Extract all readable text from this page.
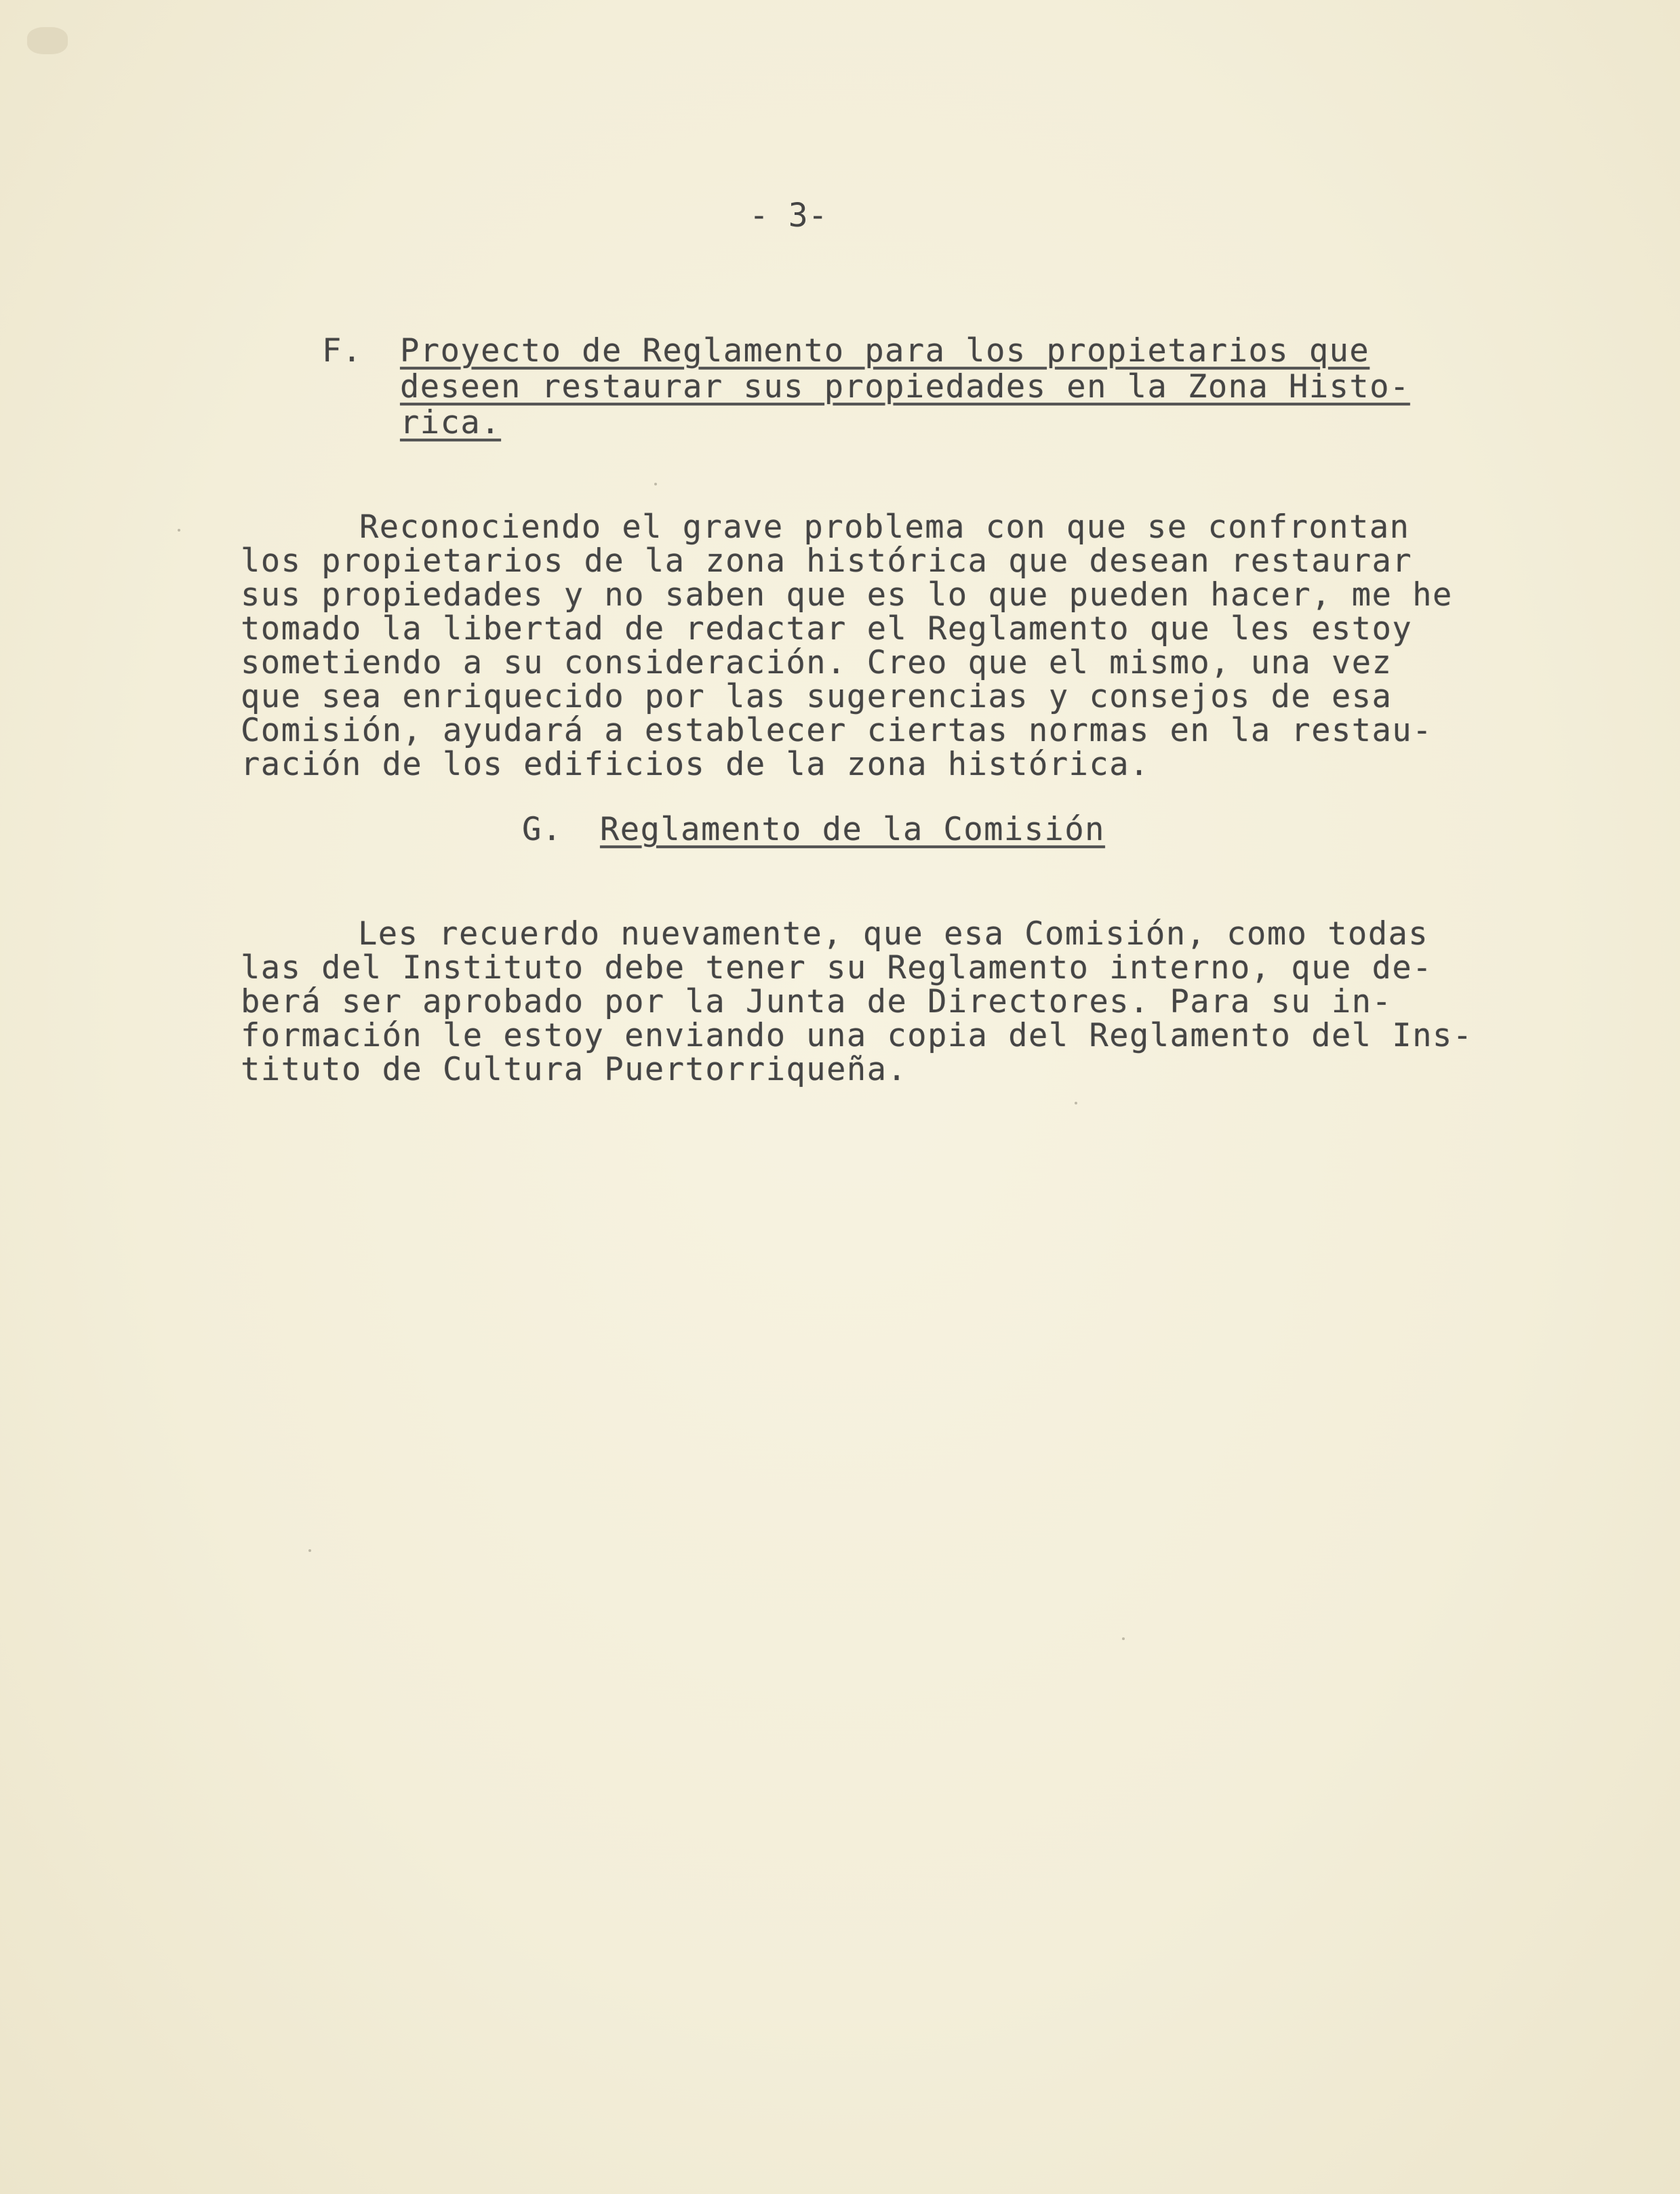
- 3-
F. Proyecto de Reglamento para los propietarios que
deseen restaurar sus propiedades en la Zona Histo-
rica.
Reconociendo el grave problema con que se confrontan
los propietarios de la zona histórica que desean restaurar
sus propiedades y no saben que es lo que pueden hacer, me he
tomado la libertad de redactar el Reglamento que les estoy
sometiendo a su consideración. Creo que el mismo, una vez
que sea enriquecido por las sugerencias y consejos de esa
Comisión, ayudará a establecer ciertas normas en la restau-
ración de los edificios de la zona histórica.
G. Reglamento de la Comisión
Les recuerdo nuevamente, que esa Comisión, como todas
las del Instituto debe tener su Reglamento interno, que de-
berá ser aprobado por la Junta de Directores. Para su in-
formación le estoy enviando una copia del Reglamento del Ins-
tituto de Cultura Puertorriqueña.
